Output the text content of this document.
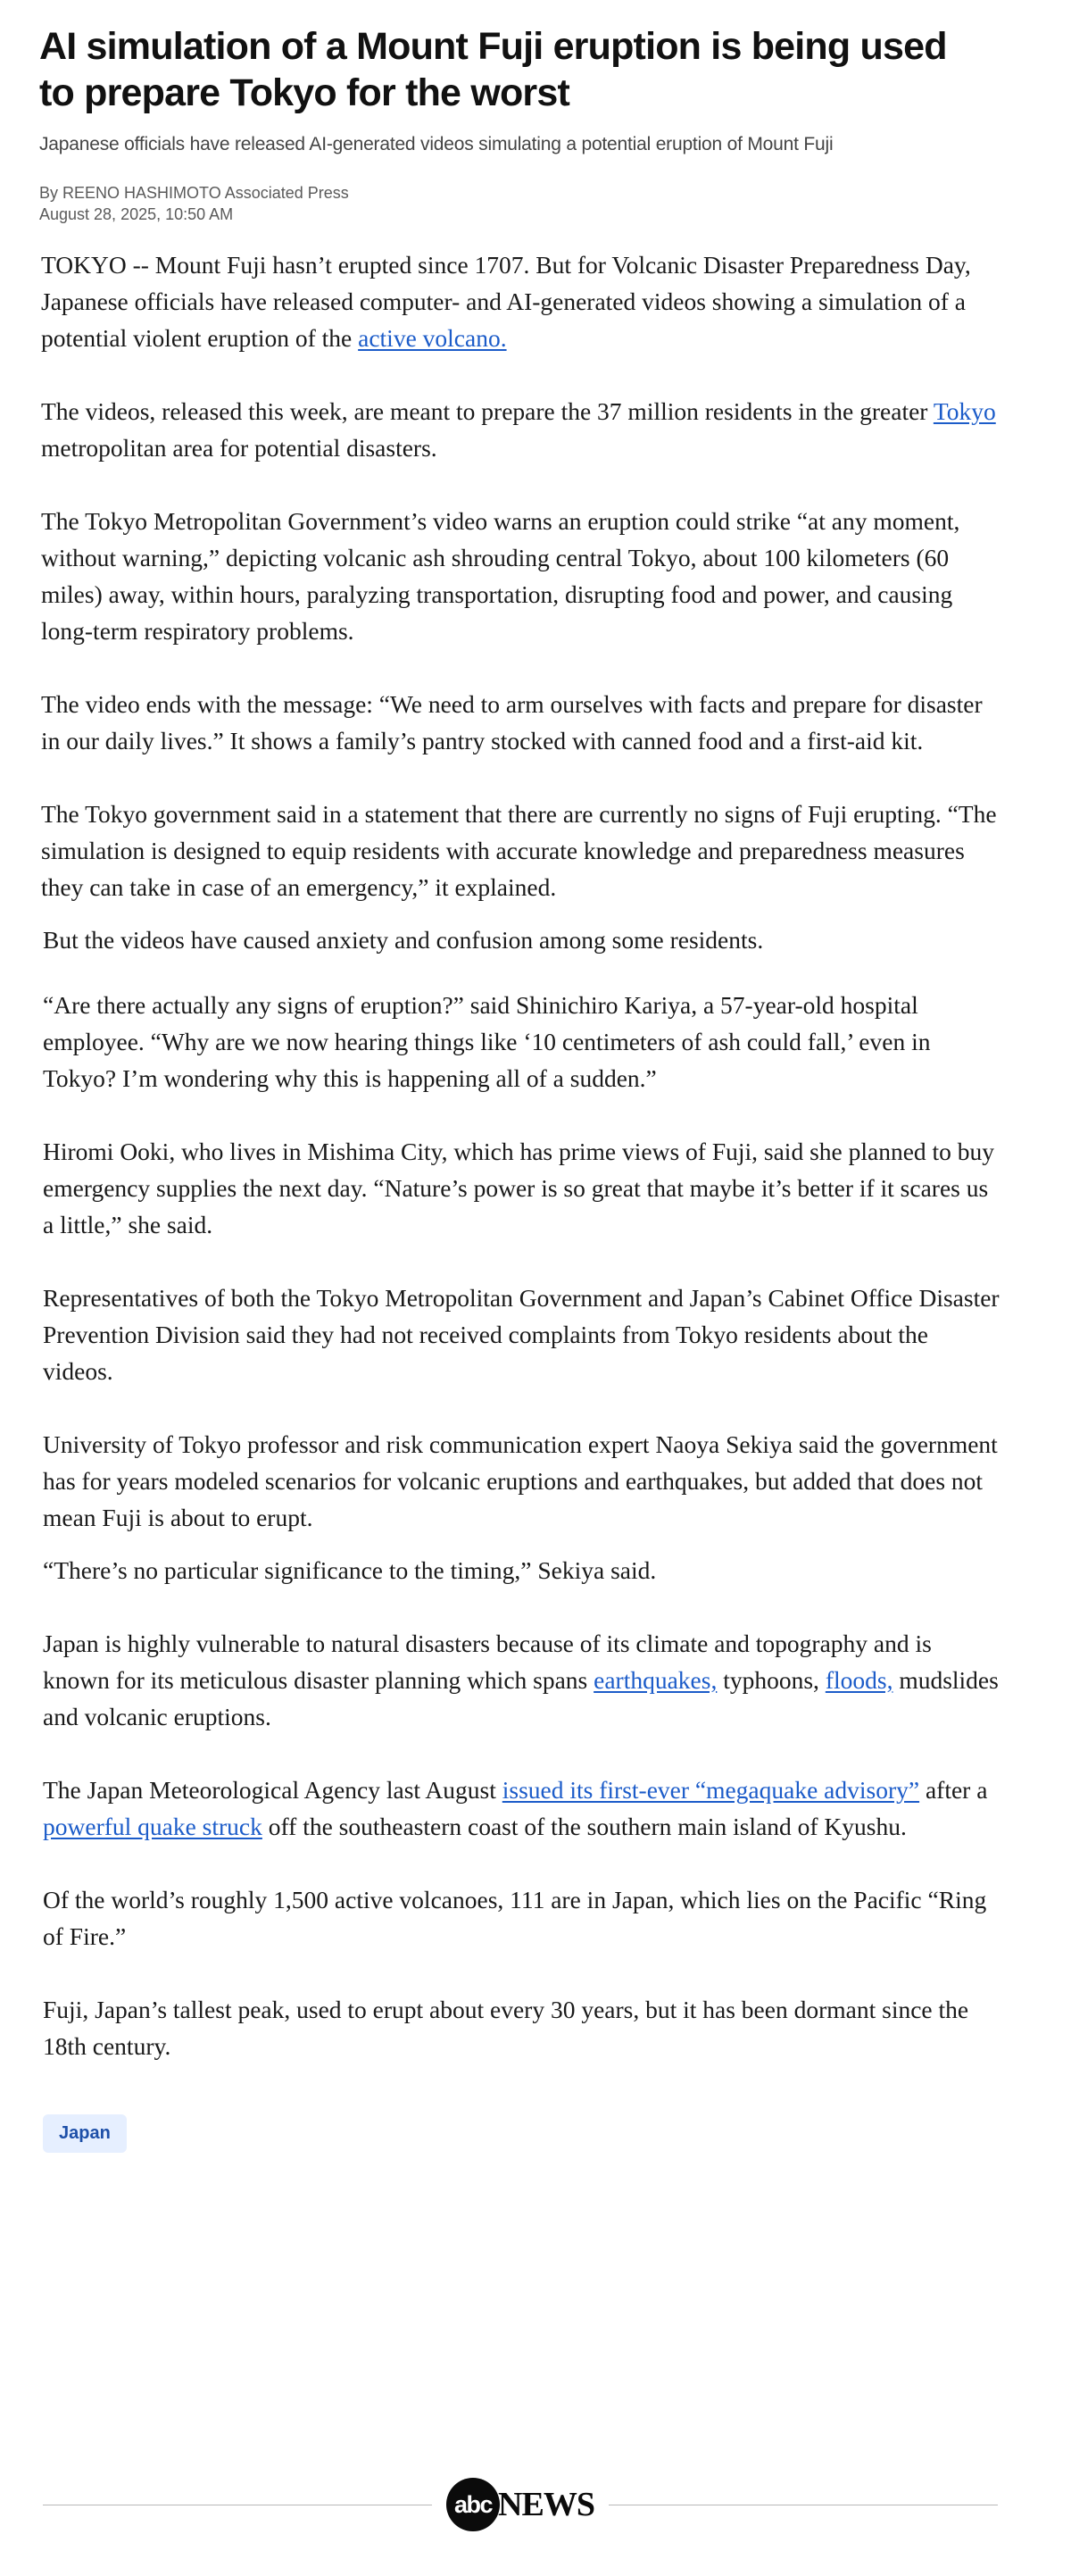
AI simulation of a Mount Fuji eruption is being used to prepare Tokyo for the worst

Japanese officials have released AI-generated videos simulating a potential eruption of Mount Fuji

By REENO HASHIMOTO Associated Press
August 28, 2025, 10:50 AM

TOKYO -- Mount Fuji hasn’t erupted since 1707. But for Volcanic Disaster Preparedness Day, Japanese officials have released computer- and AI-generated videos showing a simulation of a potential violent eruption of the active volcano.

The videos, released this week, are meant to prepare the 37 million residents in the greater Tokyo metropolitan area for potential disasters.

The Tokyo Metropolitan Government’s video warns an eruption could strike “at any moment, without warning,” depicting volcanic ash shrouding central Tokyo, about 100 kilometers (60 miles) away, within hours, paralyzing transportation, disrupting food and power, and causing long-term respiratory problems.

The video ends with the message: “We need to arm ourselves with facts and prepare for disaster in our daily lives.” It shows a family’s pantry stocked with canned food and a first-aid kit.

The Tokyo government said in a statement that there are currently no signs of Fuji erupting. “The simulation is designed to equip residents with accurate knowledge and preparedness measures they can take in case of an emergency,” it explained.

But the videos have caused anxiety and confusion among some residents.

“Are there actually any signs of eruption?” said Shinichiro Kariya, a 57-year-old hospital employee. “Why are we now hearing things like ‘10 centimeters of ash could fall,’ even in Tokyo? I’m wondering why this is happening all of a sudden.”

Hiromi Ooki, who lives in Mishima City, which has prime views of Fuji, said she planned to buy emergency supplies the next day. “Nature’s power is so great that maybe it’s better if it scares us a little,” she said.

Representatives of both the Tokyo Metropolitan Government and Japan’s Cabinet Office Disaster Prevention Division said they had not received complaints from Tokyo residents about the videos.

University of Tokyo professor and risk communication expert Naoya Sekiya said the government has for years modeled scenarios for volcanic eruptions and earthquakes, but added that does not mean Fuji is about to erupt.

“There’s no particular significance to the timing,” Sekiya said.

Japan is highly vulnerable to natural disasters because of its climate and topography and is known for its meticulous disaster planning which spans earthquakes, typhoons, floods, mudslides and volcanic eruptions.

The Japan Meteorological Agency last August issued its first-ever “megaquake advisory” after a powerful quake struck off the southeastern coast of the southern main island of Kyushu.

Of the world’s roughly 1,500 active volcanoes, 111 are in Japan, which lies on the Pacific “Ring of Fire.”

Fuji, Japan’s tallest peak, used to erupt about every 30 years, but it has been dormant since the 18th century.

Japan
abc NEWS
